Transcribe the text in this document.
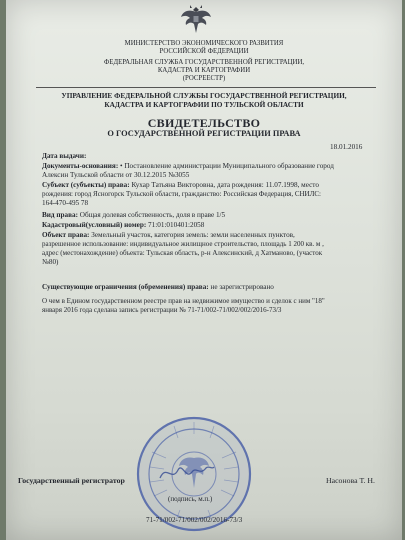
МИНИСТЕРСТВО ЭКОНОМИЧЕСКОГО РАЗВИТИЯ
РОССИЙСКОЙ ФЕДЕРАЦИИ
ФЕДЕРАЛЬНАЯ СЛУЖБА ГОСУДАРСТВЕННОЙ РЕГИСТРАЦИИ,
КАДАСТРА И КАРТОГРАФИИ
(РОСРЕЕСТР)
УПРАВЛЕНИЕ ФЕДЕРАЛЬНОЙ СЛУЖБЫ ГОСУДАРСТВЕННОЙ РЕГИСТРАЦИИ,
КАДАСТРА И КАРТОГРАФИИ ПО ТУЛЬСКОЙ ОБЛАСТИ
СВИДЕТЕЛЬСТВО
О ГОСУДАРСТВЕННОЙ РЕГИСТРАЦИИ ПРАВА
18.01.2016
Дата выдачи:
Документы-основания: • Постановление администрации Муниципального образование город
Алексин Тульской области от 30.12.2015 №3055
Субъект (субъекты) права: Кухар Татьяна Викторовна, дата рождения: 11.07.1998, место
рождения: город Ясногорск Тульской области, гражданство: Российская Федерация, СНИЛС:
164-470-495 78
Вид права: Общая долевая собственность, доля в праве 1/5
Кадастровый(условный) номер: 71:01:010401:2058
Объект права: Земельный участок, категория земель: земли населенных пунктов,
разрешенное использование: индивидуальное жилищное строительство, площадь 1 200 кв. м ,
адрес (местонахождение) объекта: Тульская область, р-н Алексинский, д Хатманово, (участок
№80)
Существующие ограничения (обременения) права: не зарегистрировано
О чем в Едином государственном реестре прав на недвижимое имущество и сделок с ним "18"
января 2016 года сделана запись регистрации № 71-71/002-71/002/002/2016-73/3
Государственный регистратор	Насонова Т. Н.
(подпись, м.п.)
71-71/002-71/002/002/2016-73/3
